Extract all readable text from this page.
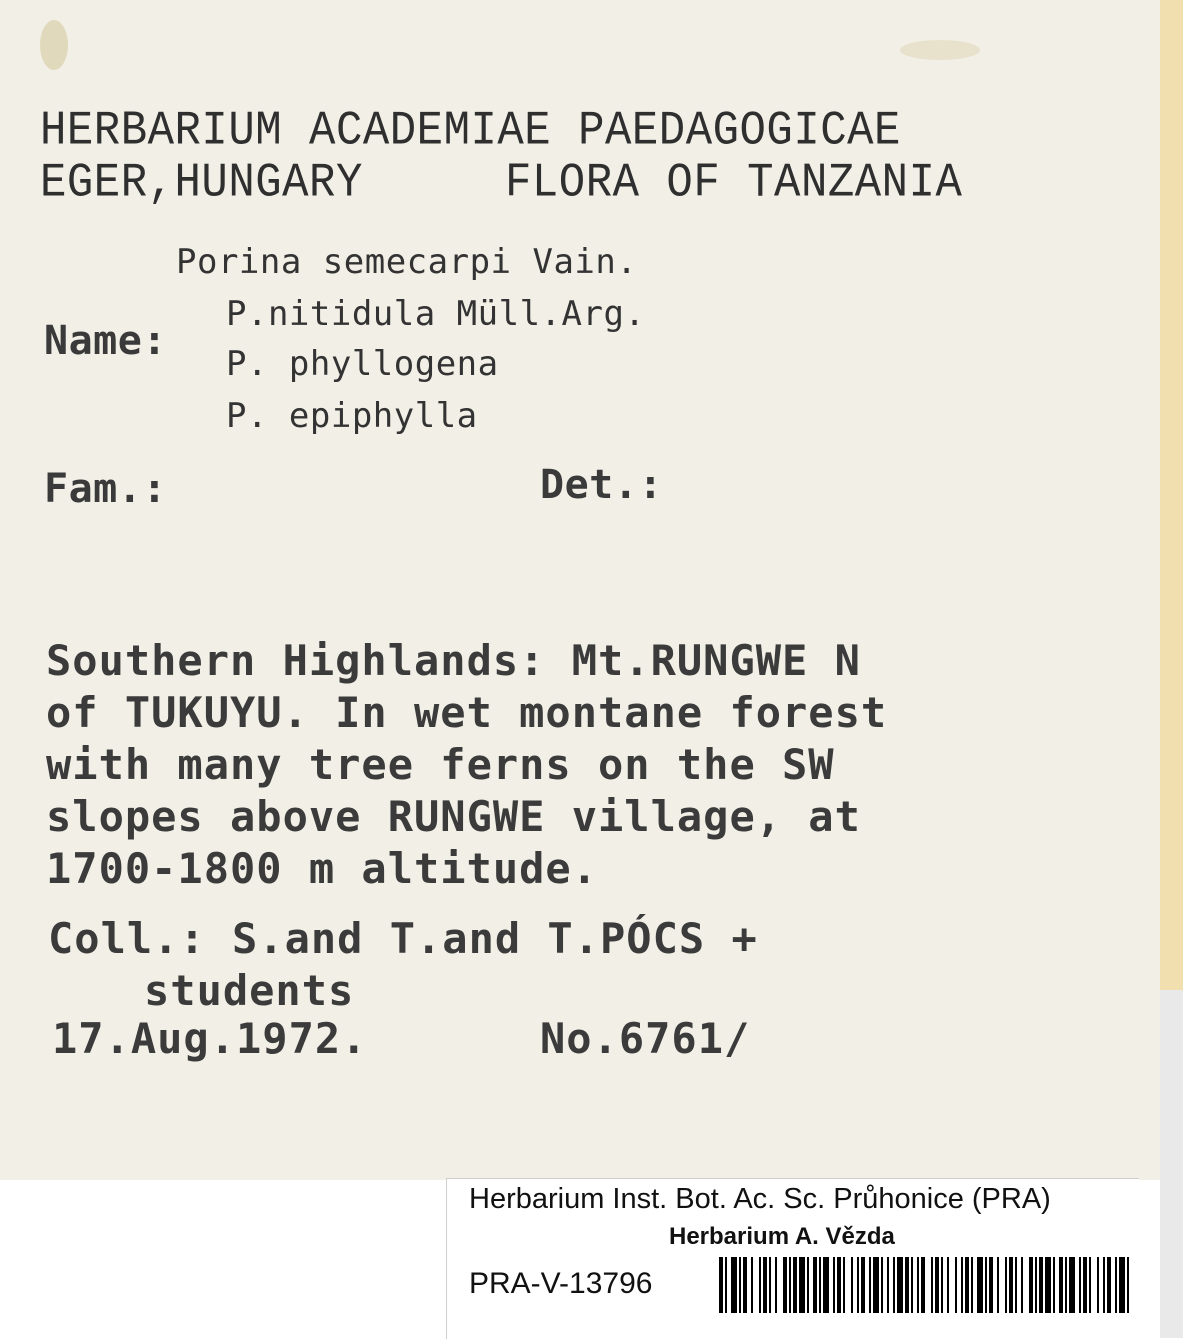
HERBARIUM ACADEMIAE PAEDAGOGICAE
EGER,HUNGARY	FLORA OF TANZANIA
Porina semecarpi Vain.
P.nitidula Müll.Arg.
Name: P. phyllogena
P. epiphylla
Fam.:	Det.:
Southern Highlands: Mt.RUNGWE N
of TUKUYU. In wet montane forest
with many tree ferns on the SW
slopes above RUNGWE village, at
1700-1800 m altitude.
Coll.: S.and T.and T.PÓCS +
students
17.Aug.1972.	No.6761/
Herbarium Inst. Bot. Ac. Sc. Průhonice (PRA)
Herbarium A. Vězda
PRA-V-13796
